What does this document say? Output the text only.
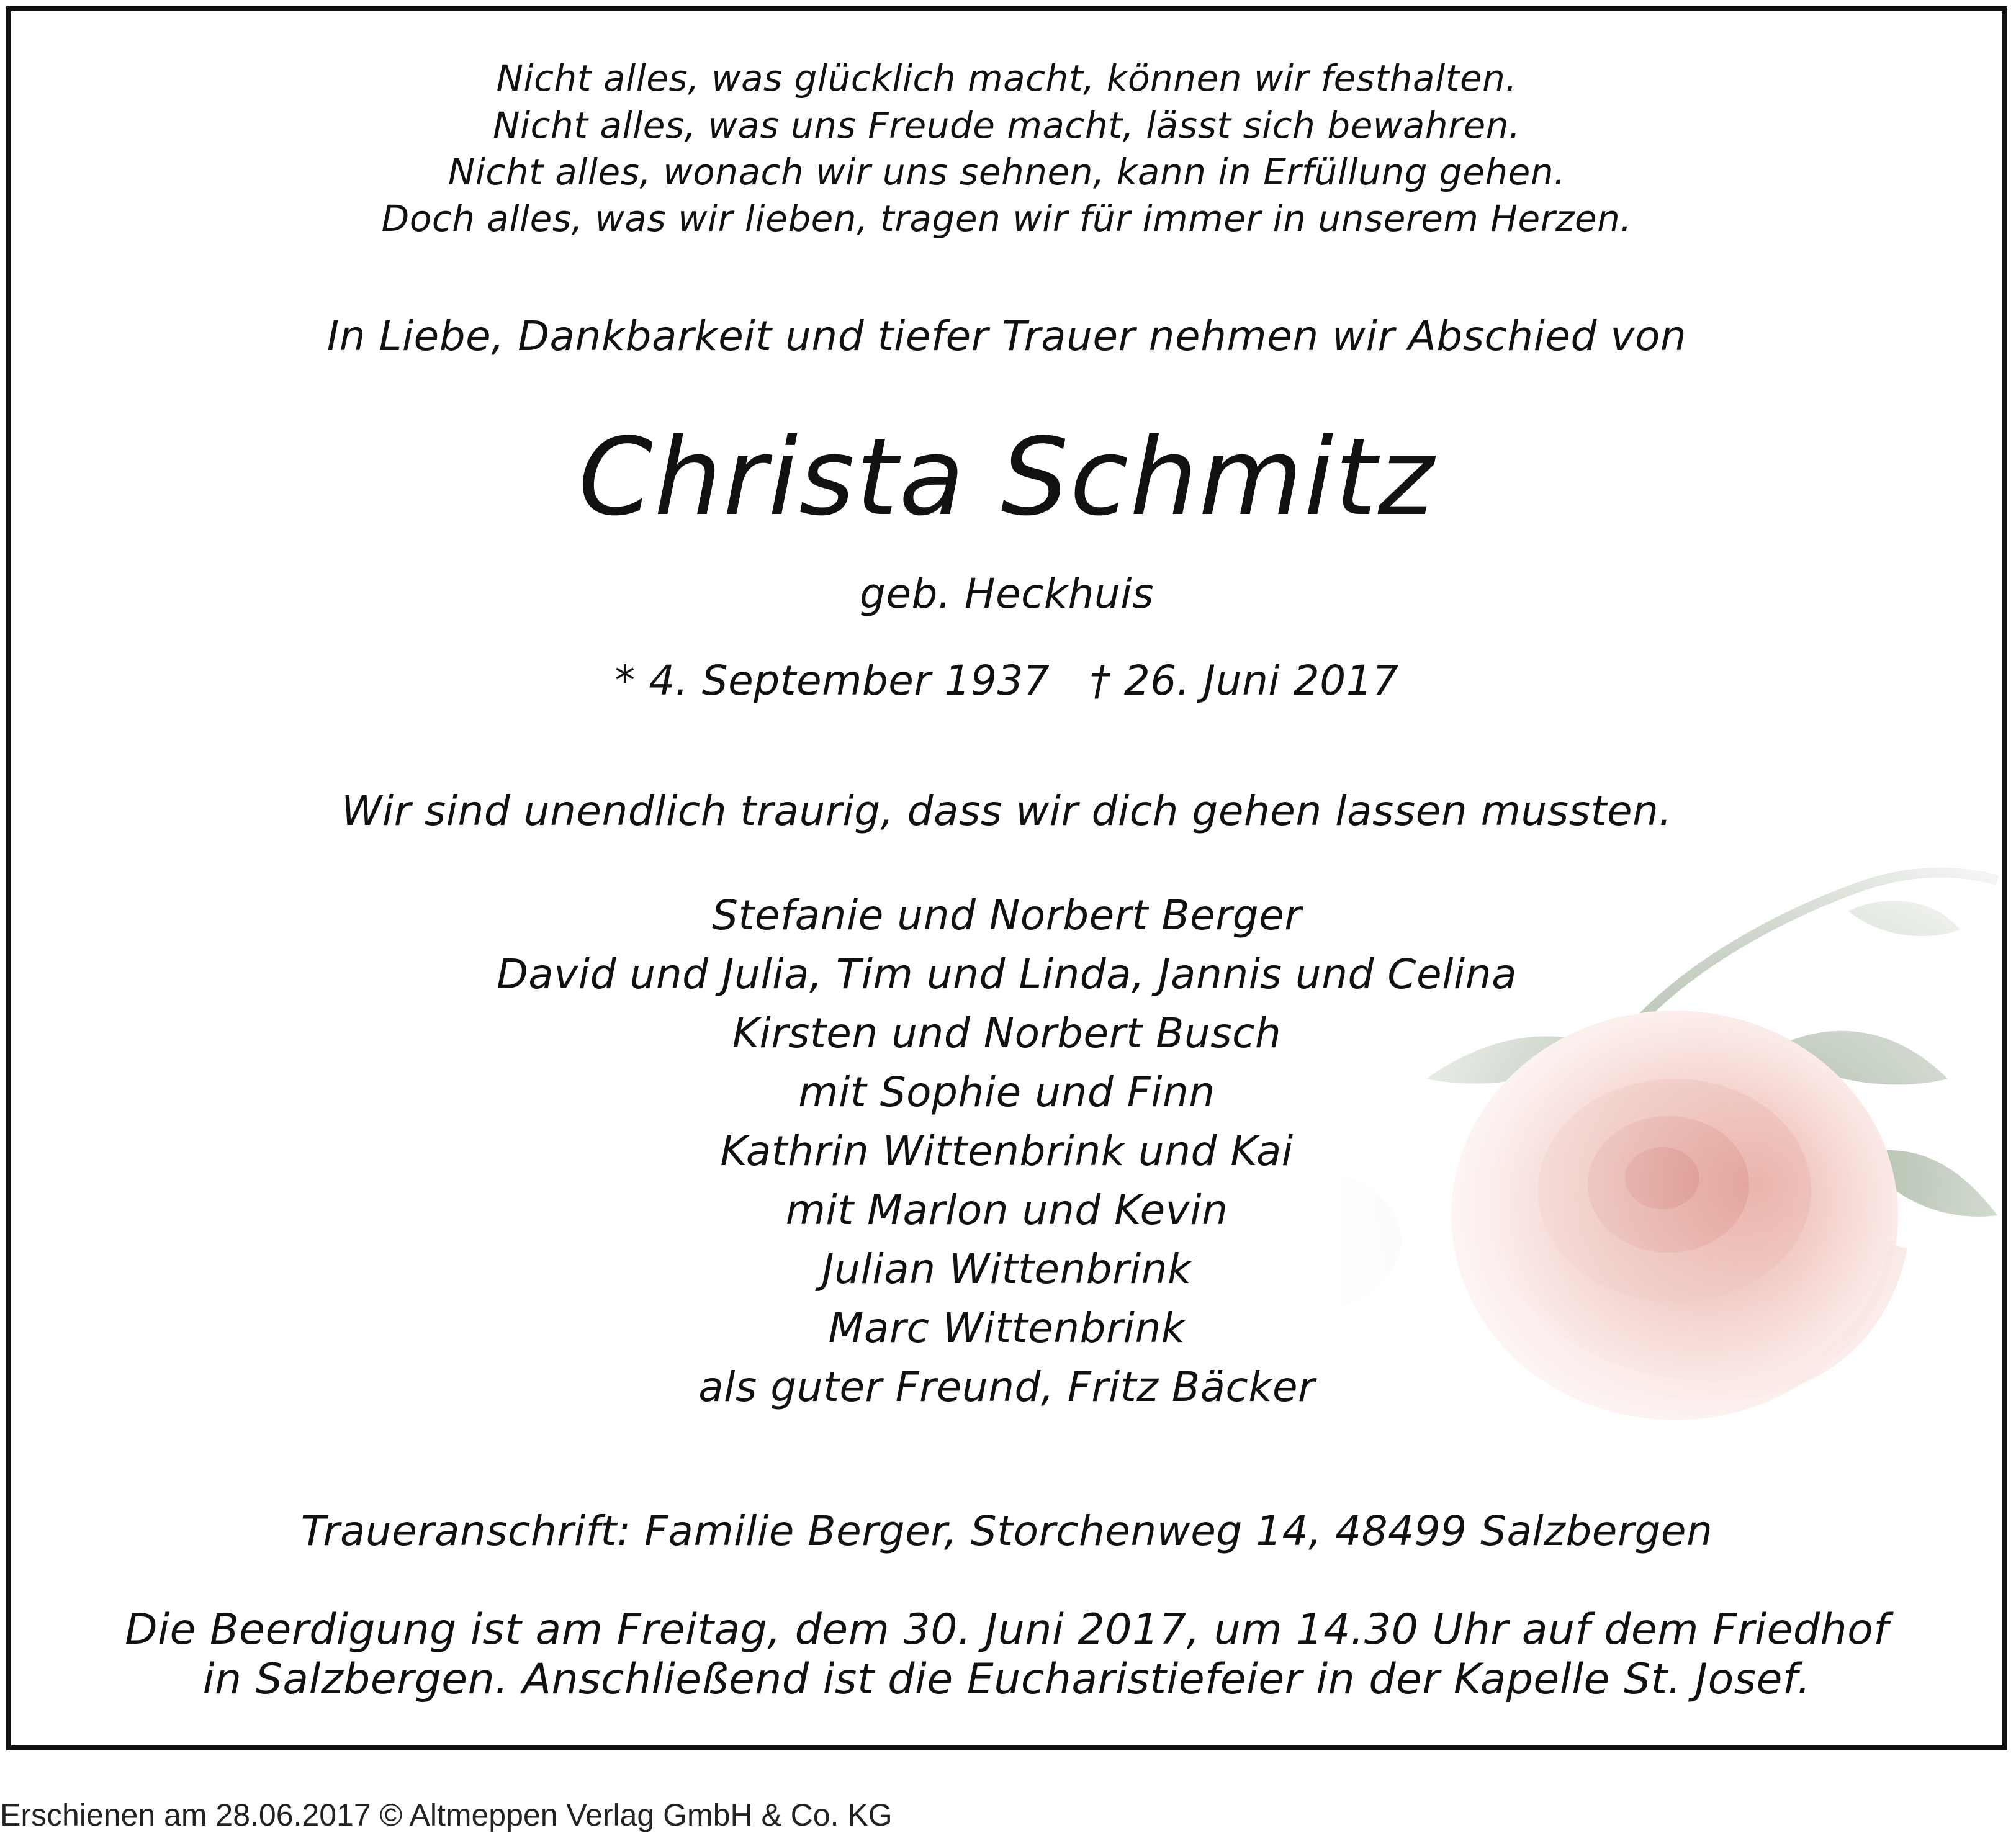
Nicht alles, was glücklich macht, können wir festhalten.
Nicht alles, was uns Freude macht, lässt sich bewahren.
Nicht alles, wonach wir uns sehnen, kann in Erfüllung gehen.
Doch alles, was wir lieben, tragen wir für immer in unserem Herzen.
In Liebe, Dankbarkeit und tiefer Trauer nehmen wir Abschied von
Christa Schmitz
geb. Heckhuis
* 4. September 1937   † 26. Juni 2017
Wir sind unendlich traurig, dass wir dich gehen lassen mussten.
Stefanie und Norbert Berger
David und Julia, Tim und Linda, Jannis und Celina
Kirsten und Norbert Busch
mit Sophie und Finn
Kathrin Wittenbrink und Kai
mit Marlon und Kevin
Julian Wittenbrink
Marc Wittenbrink
als guter Freund, Fritz Bäcker
Traueranschrift: Familie Berger, Storchenweg 14, 48499 Salzbergen
Die Beerdigung ist am Freitag, dem 30. Juni 2017, um 14.30 Uhr auf dem Friedhof
in Salzbergen. Anschließend ist die Eucharistiefeier in der Kapelle St. Josef.
Erschienen am 28.06.2017 © Altmeppen Verlag GmbH & Co. KG
